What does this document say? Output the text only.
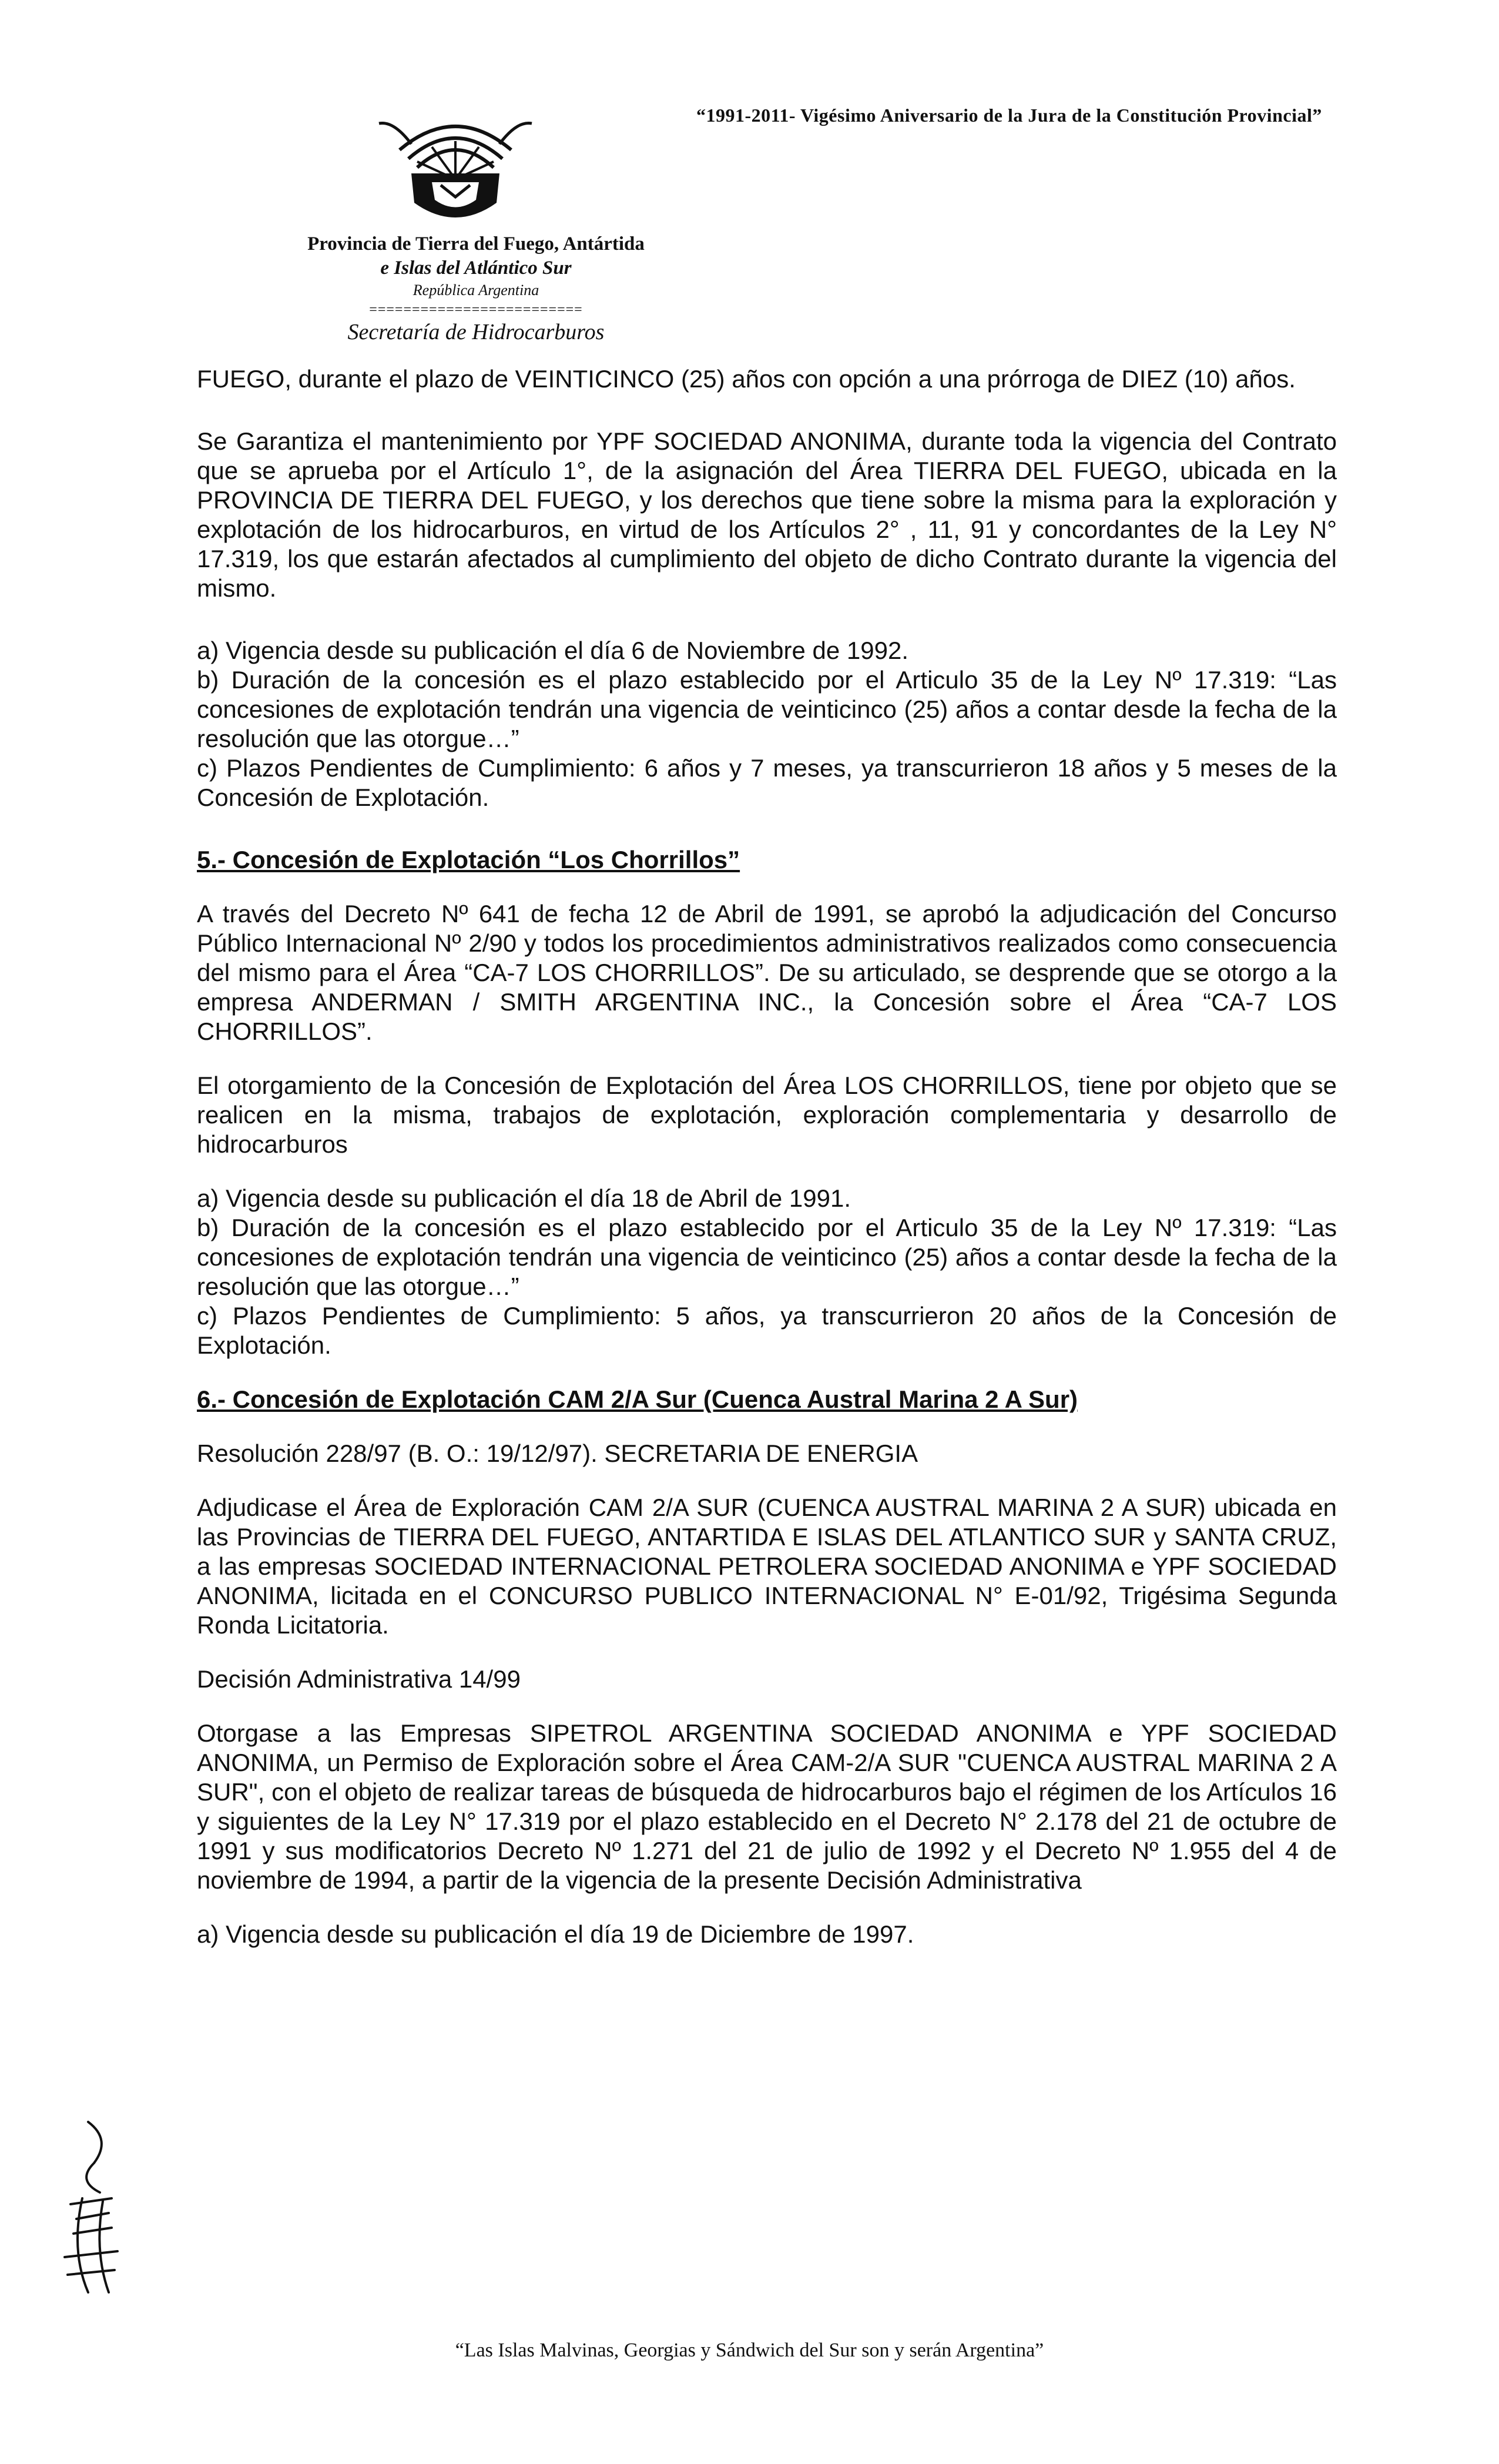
“1991-2011- Vigésimo Aniversario de la Jura de la Constitución Provincial”
Provincia de Tierra del Fuego, Antártida
e Islas del Atlántico Sur
República Argentina
=========================
Secretaría de Hidrocarburos

FUEGO, durante el plazo de VEINTICINCO (25) años con opción a una prórroga de DIEZ (10) años.

Se Garantiza el mantenimiento por YPF SOCIEDAD ANONIMA, durante toda la vigencia del Contrato que se aprueba por el Artículo 1°, de la asignación del Área TIERRA DEL FUEGO, ubicada en la PROVINCIA DE TIERRA DEL FUEGO, y los derechos que tiene sobre la misma para la exploración y explotación de los hidrocarburos, en virtud de los Artículos 2° , 11, 91 y concordantes de la Ley N° 17.319, los que estarán afectados al cumplimiento del objeto de dicho Contrato durante la vigencia del mismo.

a) Vigencia desde su publicación el día 6 de Noviembre de 1992.

b) Duración de la concesión es el plazo establecido por el Articulo 35 de la Ley Nº 17.319: “Las concesiones de explotación tendrán una vigencia de veinticinco (25) años a contar desde la fecha de la resolución que las otorgue…”

c) Plazos Pendientes de Cumplimiento: 6 años y 7 meses, ya transcurrieron 18 años y 5 meses de la Concesión de Explotación.

5.- Concesión de Explotación “Los Chorrillos”

A través del Decreto Nº 641 de fecha 12 de Abril de 1991, se aprobó la adjudicación del Concurso Público Internacional Nº 2/90 y todos los procedimientos administrativos realizados como consecuencia del mismo para el Área “CA-7 LOS CHORRILLOS”. De su articulado, se desprende que se otorgo a la empresa ANDERMAN / SMITH ARGENTINA INC., la Concesión sobre el Área “CA-7 LOS CHORRILLOS”.

El otorgamiento de la Concesión de Explotación del Área LOS CHORRILLOS, tiene por objeto que se realicen en la misma, trabajos de explotación, exploración complementaria y desarrollo de hidrocarburos

a) Vigencia desde su publicación el día 18 de Abril de 1991.

b) Duración de la concesión es el plazo establecido por el Articulo 35 de la Ley Nº 17.319: “Las concesiones de explotación tendrán una vigencia de veinticinco (25) años a contar desde la fecha de la resolución que las otorgue…”

c) Plazos Pendientes de Cumplimiento: 5 años, ya transcurrieron 20 años de la Concesión de Explotación.

6.- Concesión de Explotación CAM 2/A Sur (Cuenca Austral Marina 2 A Sur)

Resolución 228/97 (B. O.: 19/12/97). SECRETARIA DE ENERGIA

Adjudicase el Área de Exploración CAM 2/A SUR (CUENCA AUSTRAL MARINA 2 A SUR) ubicada en las Provincias de TIERRA DEL FUEGO, ANTARTIDA E ISLAS DEL ATLANTICO SUR y SANTA CRUZ, a las empresas SOCIEDAD INTERNACIONAL PETROLERA SOCIEDAD ANONIMA e YPF SOCIEDAD ANONIMA, licitada en el CONCURSO PUBLICO INTERNACIONAL N° E-01/92, Trigésima Segunda Ronda Licitatoria.

Decisión Administrativa 14/99

Otorgase a las Empresas SIPETROL ARGENTINA SOCIEDAD ANONIMA e YPF SOCIEDAD ANONIMA, un Permiso de Exploración sobre el Área CAM-2/A SUR "CUENCA AUSTRAL MARINA 2 A SUR", con el objeto de realizar tareas de búsqueda de hidrocarburos bajo el régimen de los Artículos 16 y siguientes de la Ley N° 17.319 por el plazo establecido en el Decreto N° 2.178 del 21 de octubre de 1991 y sus modificatorios Decreto Nº 1.271 del 21 de julio de 1992 y el Decreto Nº 1.955 del 4 de noviembre de 1994, a partir de la vigencia de la presente Decisión Administrativa

a) Vigencia desde su publicación el día 19 de Diciembre de 1997.

“Las Islas Malvinas, Georgias y Sándwich del Sur son y serán Argentina”
